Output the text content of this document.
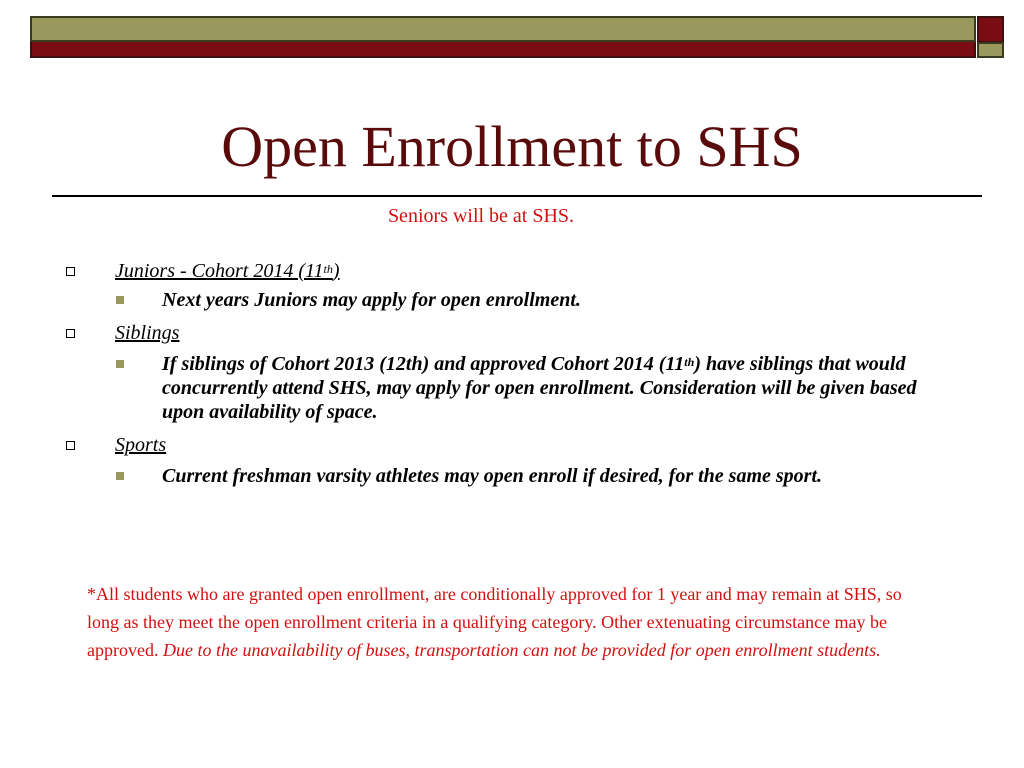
Open Enrollment to SHS
Seniors will be at SHS.
Juniors - Cohort 2014 (11th)
Next years Juniors may apply for open enrollment.
Siblings
If siblings of Cohort 2013 (12th) and approved Cohort 2014 (11th) have siblings that would concurrently attend SHS, may apply for open enrollment. Consideration will be given based upon availability of space.
Sports
Current freshman varsity athletes may open enroll if desired, for the same sport.
*All students who are granted open enrollment, are conditionally approved for 1 year and may remain at SHS, so long as they meet the open enrollment criteria in a qualifying category. Other extenuating circumstance may be approved. Due to the unavailability of buses, transportation can not be provided for open enrollment students.
